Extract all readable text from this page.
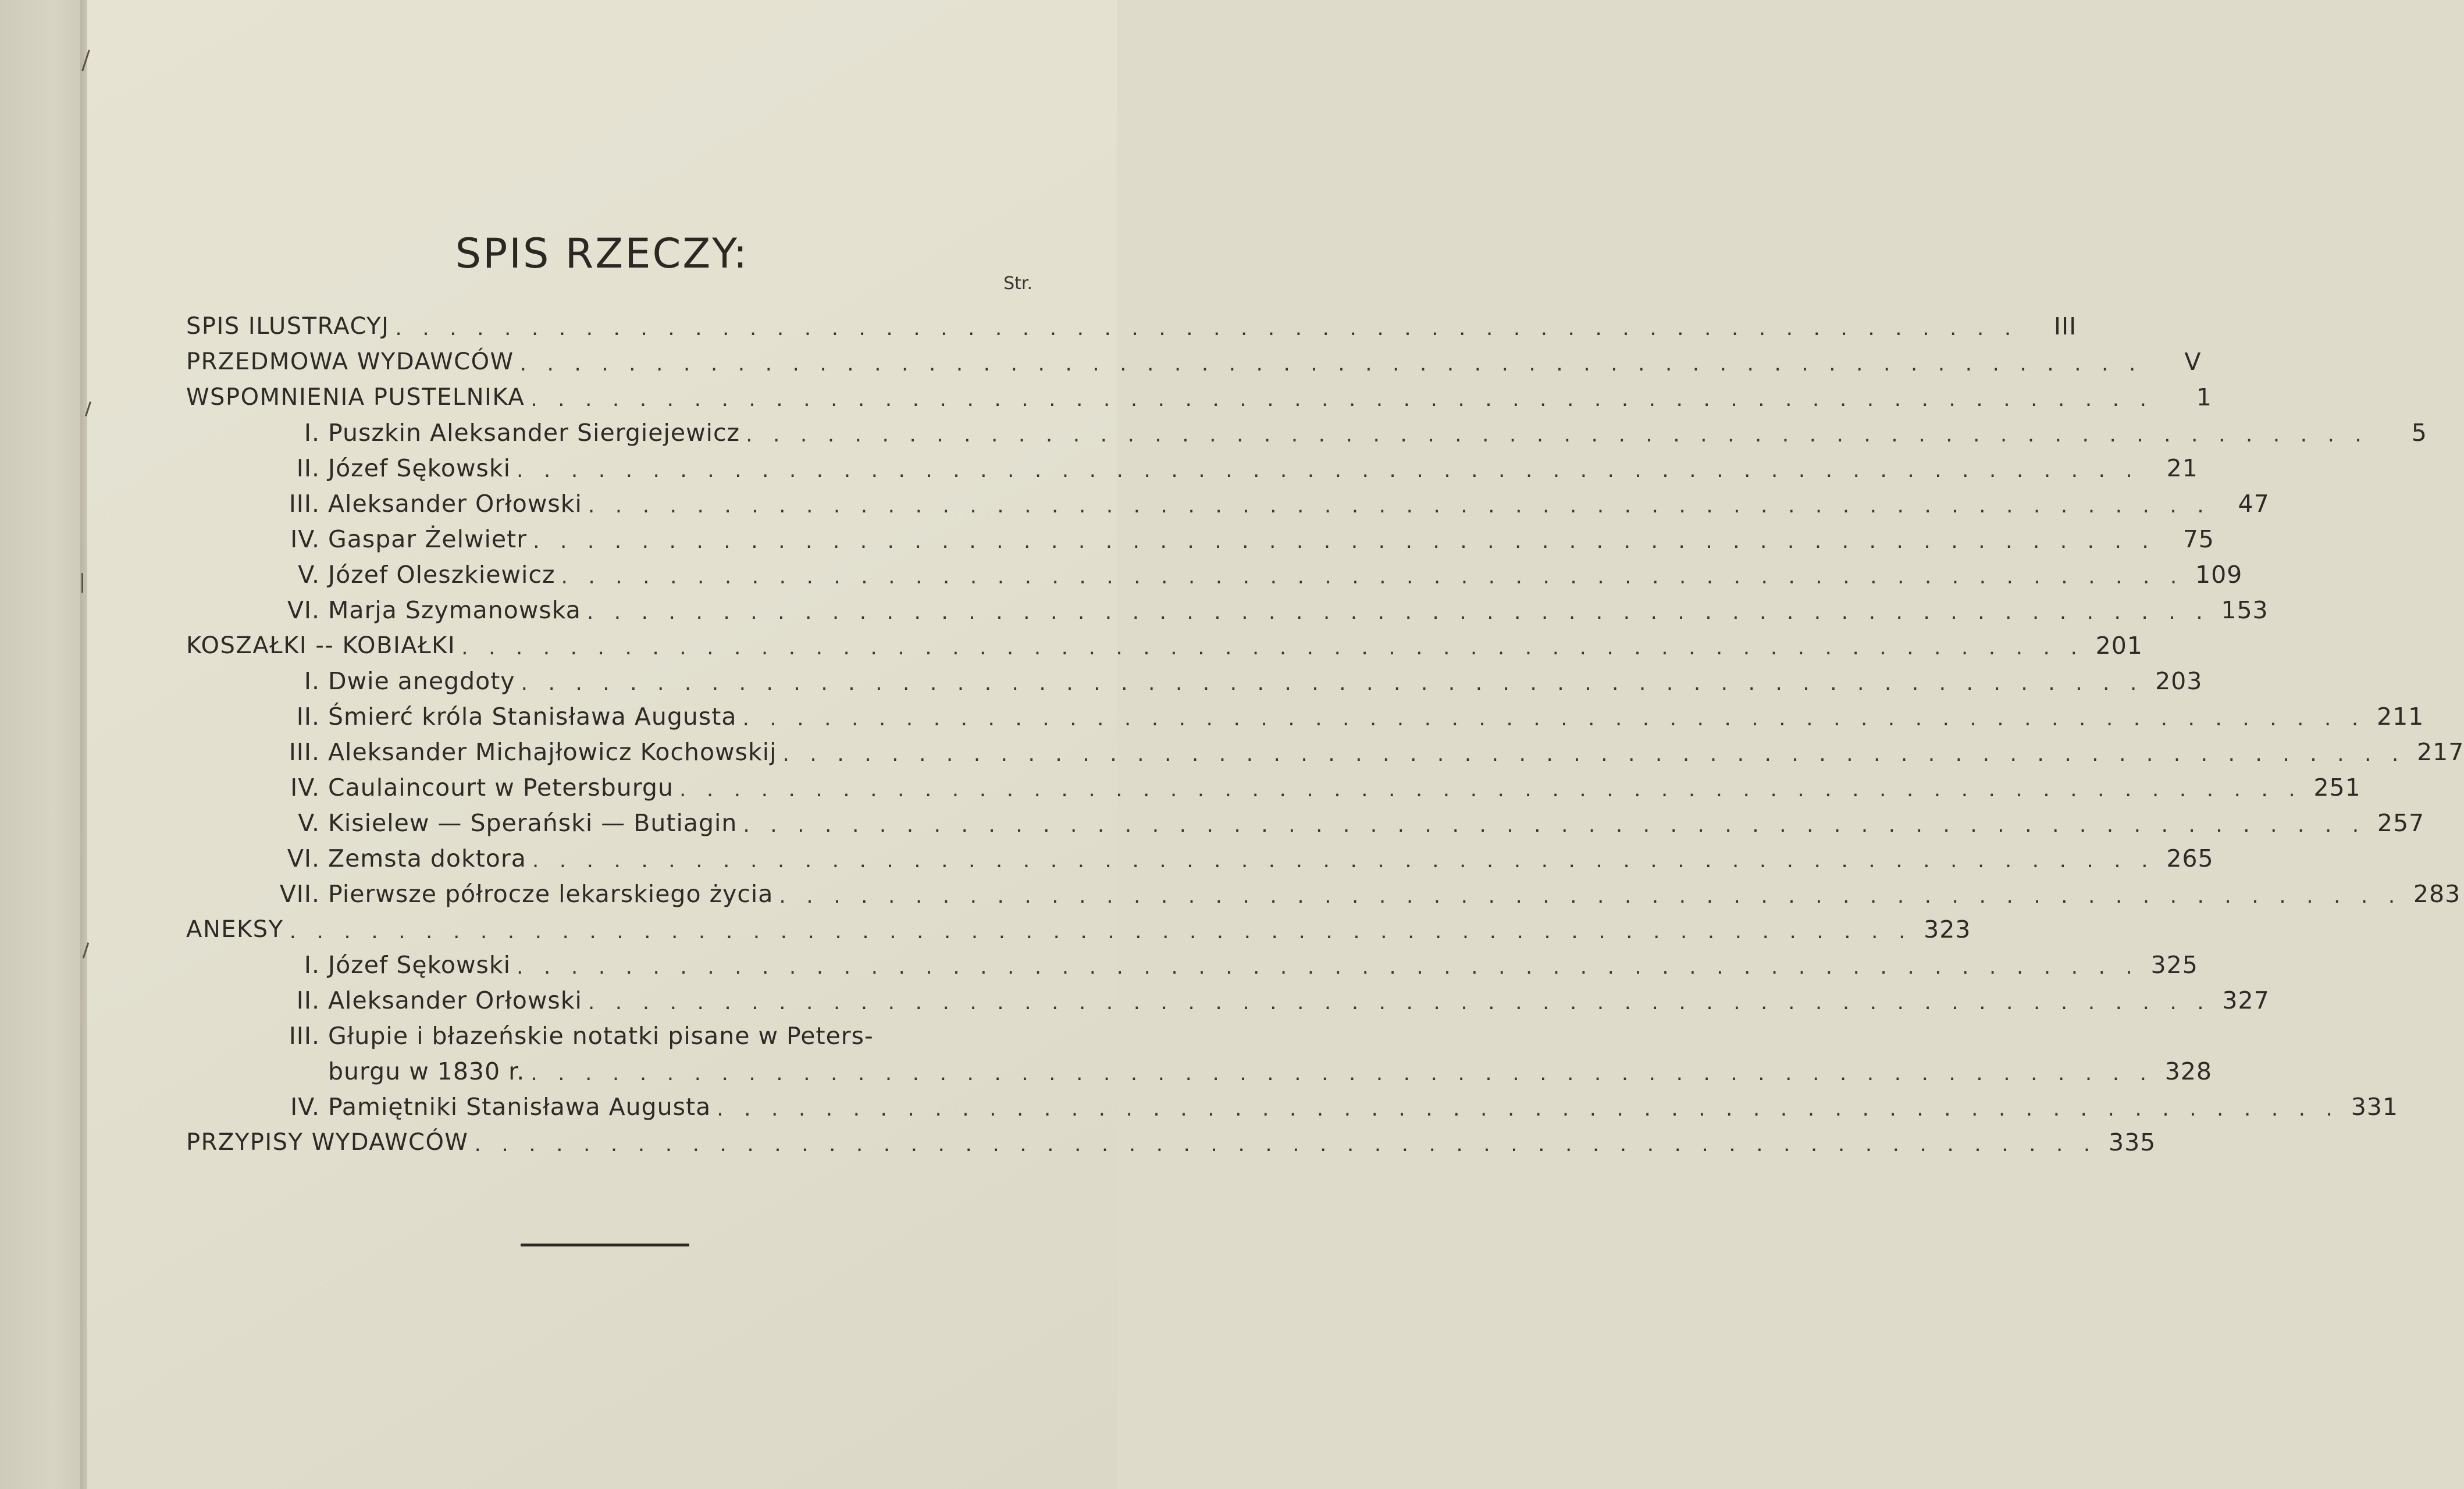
SPIS RZECZY:
Str.
SPIS ILUSTRACYJ . . . . . . . . . . . . . . . . . . . . . . . . . . . . . . . . . . . . . . . . . . . . . . . . . . . . . . . . . . . .	III
PRZEDMOWA WYDAWCÓW . . . . . . . . . . . . . . . . . . . . . . . . . . . . . . . . . . . . . . . . . . . . . . . . . . . . . . . . . . . .	V
WSPOMNIENIA PUSTELNIKA . . . . . . . . . . . . . . . . . . . . . . . . . . . . . . . . . . . . . . . . . . . . . . . . . . . . . . . . . . . .	1
I. Puszkin Aleksander Siergiejewicz . . . . . . . . . . . . . . . . . . . . . . . . . . . . . . . . . . . . . . . . . . . . . . . . . . . . . . . . . . . .	5
II. Józef Sękowski . . . . . . . . . . . . . . . . . . . . . . . . . . . . . . . . . . . . . . . . . . . . . . . . . . . . . . . . . . . .	21
III. Aleksander Orłowski . . . . . . . . . . . . . . . . . . . . . . . . . . . . . . . . . . . . . . . . . . . . . . . . . . . . . . . . . . . .	47
IV. Gaspar Żelwietr . . . . . . . . . . . . . . . . . . . . . . . . . . . . . . . . . . . . . . . . . . . . . . . . . . . . . . . . . . . .	75
V. Józef Oleszkiewicz . . . . . . . . . . . . . . . . . . . . . . . . . . . . . . . . . . . . . . . . . . . . . . . . . . . . . . . . . . . . 109
VI. Marja Szymanowska . . . . . . . . . . . . . . . . . . . . . . . . . . . . . . . . . . . . . . . . . . . . . . . . . . . . . . . . . . . . 153
KOSZAŁKI -- KOBIAŁKI . . . . . . . . . . . . . . . . . . . . . . . . . . . . . . . . . . . . . . . . . . . . . . . . . . . . . . . . . . . . 201
I. Dwie anegdoty . . . . . . . . . . . . . . . . . . . . . . . . . . . . . . . . . . . . . . . . . . . . . . . . . . . . . . . . . . . . 203
II. Śmierć króla Stanisława Augusta . . . . . . . . . . . . . . . . . . . . . . . . . . . . . . . . . . . . . . . . . . . . . . . . . . . . . . . . . . . . 211
III. Aleksander Michajłowicz Kochowskij . . . . . . . . . . . . . . . . . . . . . . . . . . . . . . . . . . . . . . . . . . . . . . . . . . . . . . . . . . . . 217
IV. Caulaincourt w Petersburgu . . . . . . . . . . . . . . . . . . . . . . . . . . . . . . . . . . . . . . . . . . . . . . . . . . . . . . . . . . . . 251
V. Kisielew — Sperański — Butiagin . . . . . . . . . . . . . . . . . . . . . . . . . . . . . . . . . . . . . . . . . . . . . . . . . . . . . . . . . . . . 257
VI. Zemsta doktora . . . . . . . . . . . . . . . . . . . . . . . . . . . . . . . . . . . . . . . . . . . . . . . . . . . . . . . . . . . . 265
VII. Pierwsze półrocze lekarskiego życia . . . . . . . . . . . . . . . . . . . . . . . . . . . . . . . . . . . . . . . . . . . . . . . . . . . . . . . . . . . . 283
ANEKSY . . . . . . . . . . . . . . . . . . . . . . . . . . . . . . . . . . . . . . . . . . . . . . . . . . . . . . . . . . . . 323
I. Józef Sękowski . . . . . . . . . . . . . . . . . . . . . . . . . . . . . . . . . . . . . . . . . . . . . . . . . . . . . . . . . . . . 325
II. Aleksander Orłowski . . . . . . . . . . . . . . . . . . . . . . . . . . . . . . . . . . . . . . . . . . . . . . . . . . . . . . . . . . . . 327
III. Głupie i błazeńskie notatki pisane w Peters-
burgu w 1830 r. . . . . . . . . . . . . . . . . . . . . . . . . . . . . . . . . . . . . . . . . . . . . . . . . . . . . . . . . . . . . 328
IV. Pamiętniki Stanisława Augusta . . . . . . . . . . . . . . . . . . . . . . . . . . . . . . . . . . . . . . . . . . . . . . . . . . . . . . . . . . . . 331
PRZYPISY WYDAWCÓW . . . . . . . . . . . . . . . . . . . . . . . . . . . . . . . . . . . . . . . . . . . . . . . . . . . . . . . . . . . . 335
